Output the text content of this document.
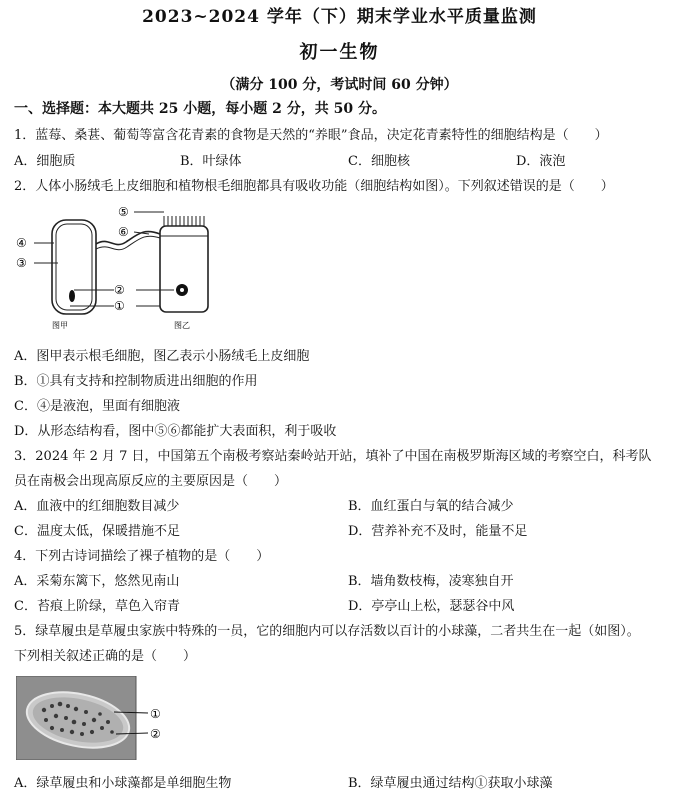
2023~2024 学年（下）期末学业水平质量监测
初一生物
（满分 100 分，考试时间 60 分钟）
一、选择题：本大题共 25 小题，每小题 2 分，共 50 分。
1．蓝莓、桑葚、葡萄等富含花青素的食物是天然的“养眼”食品，决定花青素特性的细胞结构是（　　）
A．细胞质	B．叶绿体	C．细胞核	D．液泡
2．人体小肠绒毛上皮细胞和植物根毛细胞都具有吸收功能（细胞结构如图）。下列叙述错误的是（　　）
④
③
②
①
⑤
⑥
图甲	图乙
A．图甲表示根毛细胞，图乙表示小肠绒毛上皮细胞
B．①具有支持和控制物质进出细胞的作用
C．④是液泡，里面有细胞液
D．从形态结构看，图中⑤⑥都能扩大表面积，利于吸收
3．2024 年 2 月 7 日，中国第五个南极考察站秦岭站开站，填补了中国在南极罗斯海区域的考察空白，科考队
员在南极会出现高原反应的主要原因是（　　）
A．血液中的红细胞数目减少	B．血红蛋白与氧的结合减少
C．温度太低，保暖措施不足	D．营养补充不及时，能量不足
4．下列古诗词描绘了裸子植物的是（　　）
A．采菊东篱下，悠然见南山	B．墙角数枝梅，凌寒独自开
C．苔痕上阶绿，草色入帘青	D．亭亭山上松，瑟瑟谷中风
5．绿草履虫是草履虫家族中特殊的一员，它的细胞内可以存活数以百计的小球藻，二者共生在一起（如图）。
下列相关叙述正确的是（　　）
①
②
A．绿草履虫和小球藻都是单细胞生物	B．绿草履虫通过结构①获取小球藻
